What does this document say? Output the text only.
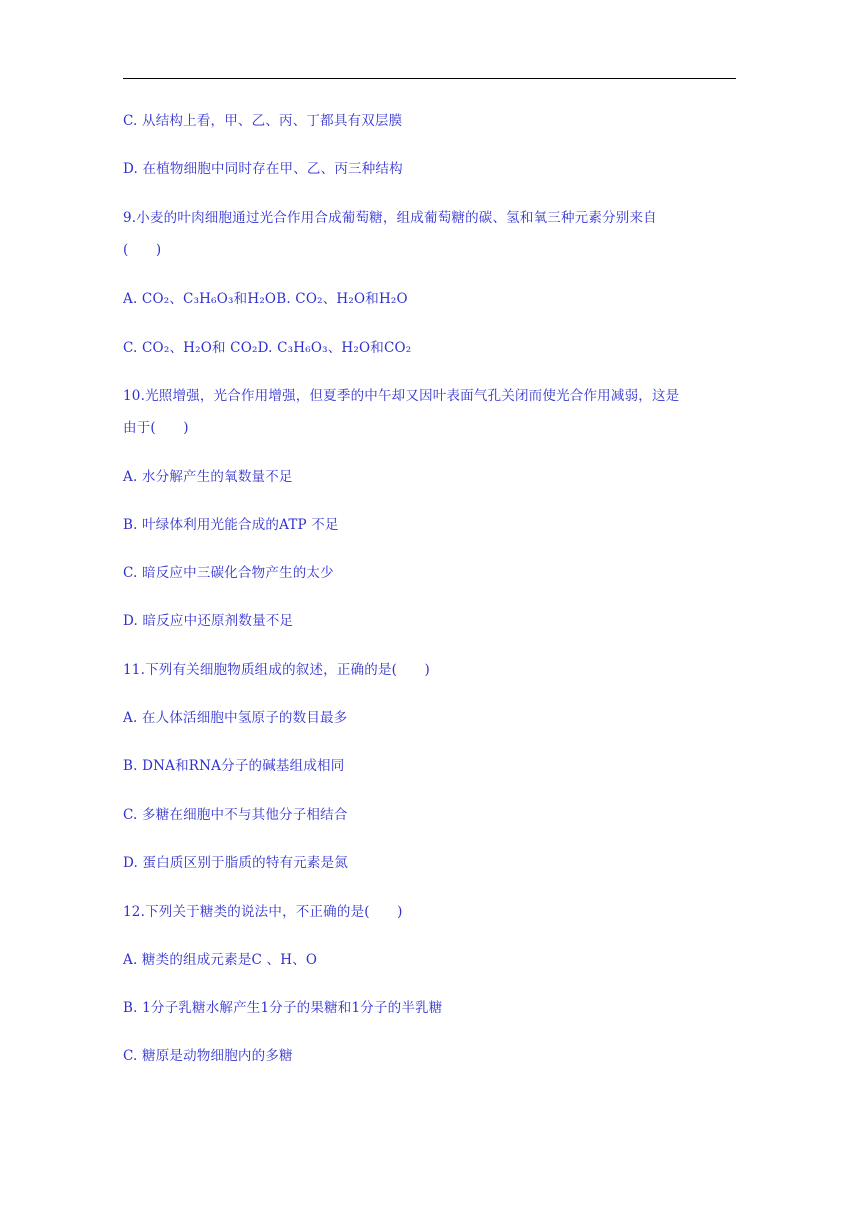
C. 从结构上看，甲、乙、丙、丁都具有双层膜
D. 在植物细胞中同时存在甲、乙、丙三种结构
9.小麦的叶肉细胞通过光合作用合成葡萄糖，组成葡萄糖的碳、氢和氧三种元素分别来自
(　　)
A. CO₂、C₃H₆O₃和H₂OB. CO₂、H₂O和H₂O
C. CO₂、H₂O和 CO₂D. C₃H₆O₃、H₂O和CO₂
10.光照增强，光合作用增强，但夏季的中午却又因叶表面气孔关闭而使光合作用减弱，这是
由于(　　)
A. 水分解产生的氧数量不足
B. 叶绿体利用光能合成的ATP 不足
C. 暗反应中三碳化合物产生的太少
D. 暗反应中还原剂数量不足
11.下列有关细胞物质组成的叙述，正确的是(　　)
A. 在人体活细胞中氢原子的数目最多
B. DNA和RNA分子的碱基组成相同
C. 多糖在细胞中不与其他分子相结合
D. 蛋白质区别于脂质的特有元素是氮
12.下列关于糖类的说法中，不正确的是(　　)
A. 糖类的组成元素是C 、H、O
B. 1分子乳糖水解产生1分子的果糖和1分子的半乳糖
C. 糖原是动物细胞内的多糖
